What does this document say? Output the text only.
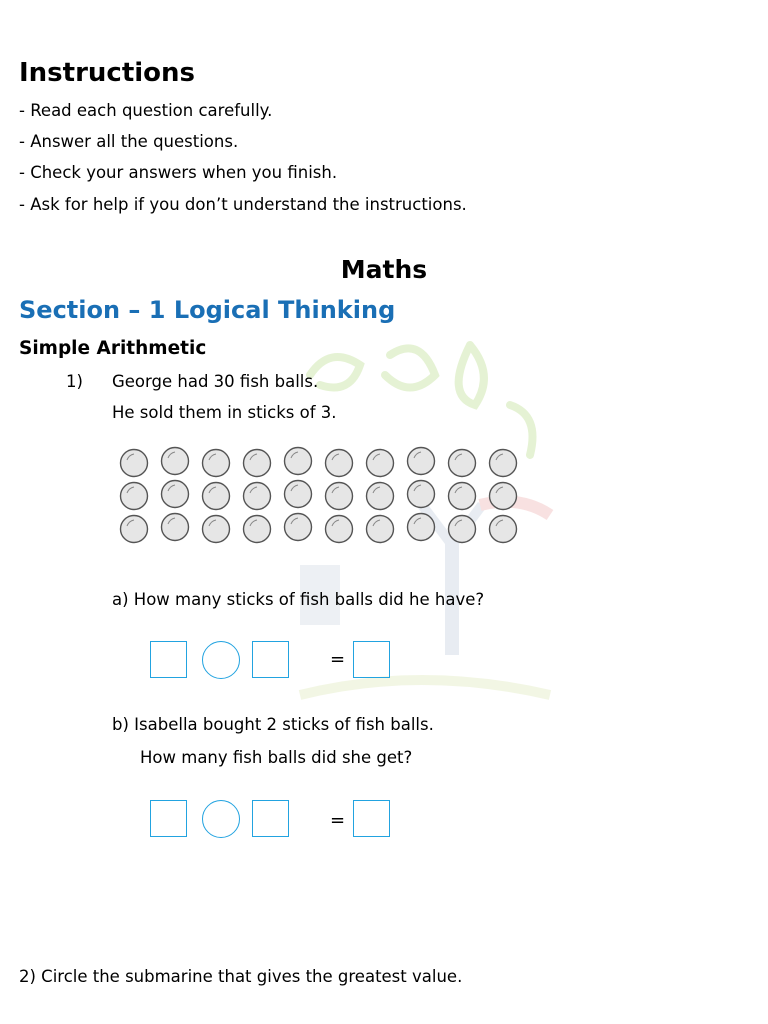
Instructions
- Read each question carefully.
- Answer all the questions.
- Check your answers when you finish.
- Ask for help if you don’t understand the instructions.
Maths
Section – 1 Logical Thinking
Simple Arithmetic
1) George had 30 fish balls.
He sold them in sticks of 3.
a) How many sticks of fish balls did he have?
=
b) Isabella bought 2 sticks of fish balls.
How many fish balls did she get?
=
2) Circle the submarine that gives the greatest value.
